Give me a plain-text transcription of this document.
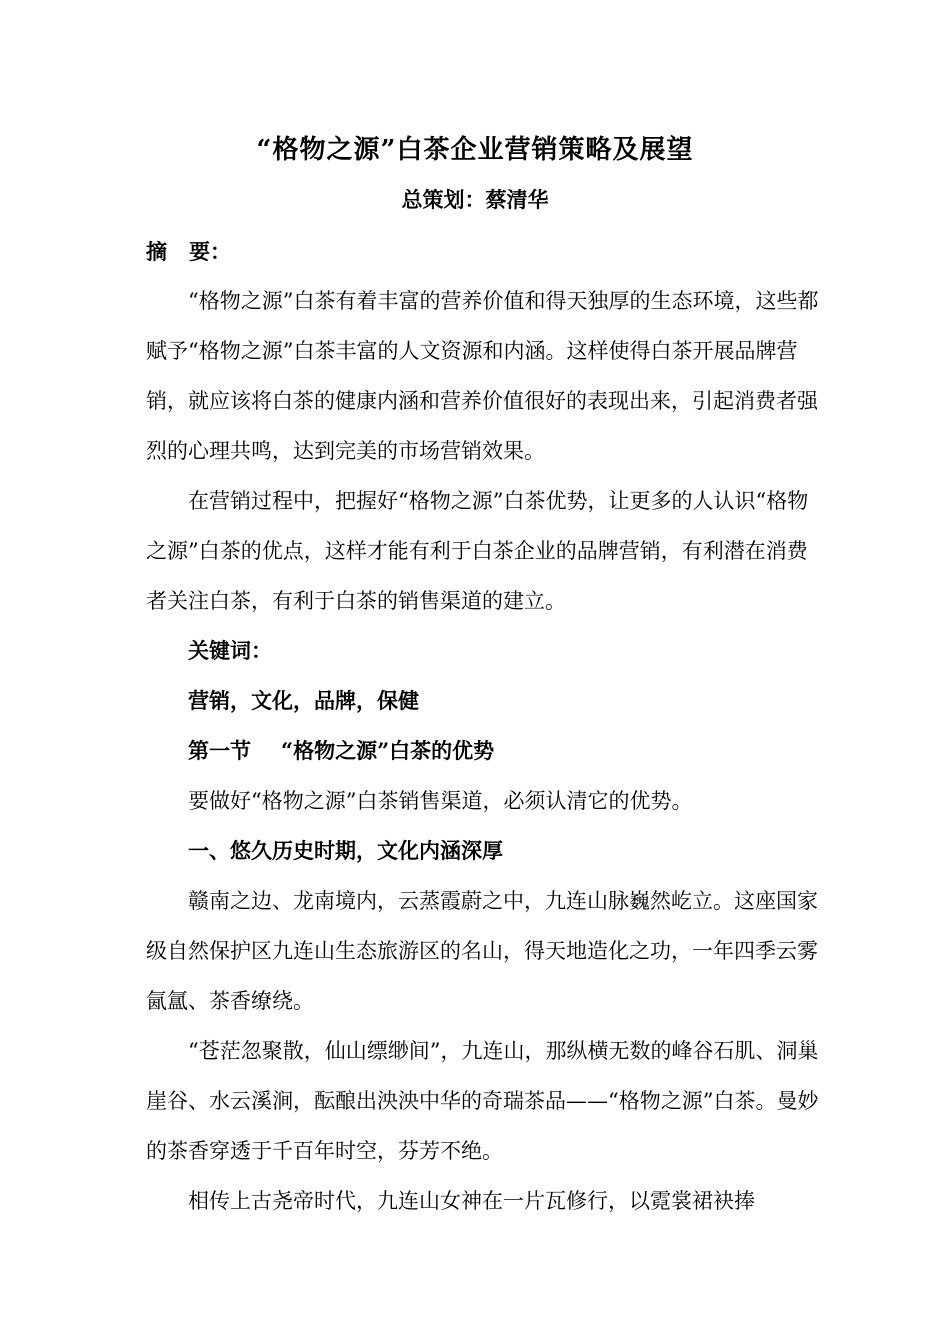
“格物之源”白茶企业营销策略及展望
总策划：蔡清华
摘 要：

“格物之源”白茶有着丰富的营养价值和得天独厚的生态环境，这些都赋予“格物之源”白茶丰富的人文资源和内涵。这样使得白茶开展品牌营销，就应该将白茶的健康内涵和营养价值很好的表现出来，引起消费者强烈的心理共鸣，达到完美的市场营销效果。

在营销过程中，把握好“格物之源”白茶优势，让更多的人认识“格物之源”白茶的优点，这样才能有利于白茶企业的品牌营销，有利潜在消费者关注白茶，有利于白茶的销售渠道的建立。

关键词：

营销，文化，品牌，保健

第一节 “格物之源”白茶的优势

要做好“格物之源”白茶销售渠道，必须认清它的优势。

一、悠久历史时期，文化内涵深厚

赣南之边、龙南境内，云蒸霞蔚之中，九连山脉巍然屹立。这座国家级自然保护区九连山生态旅游区的名山，得天地造化之功，一年四季云雾氤氲、茶香缭绕。

“苍茫忽聚散，仙山缥缈间”，九连山，那纵横无数的峰谷石肌、洞巢崖谷、水云溪涧，酝酿出泱泱中华的奇瑞茶品——“格物之源”白茶。曼妙的茶香穿透于千百年时空，芬芳不绝。

相传上古尧帝时代，九连山女神在一片瓦修行，以霓裳裙袂捧
